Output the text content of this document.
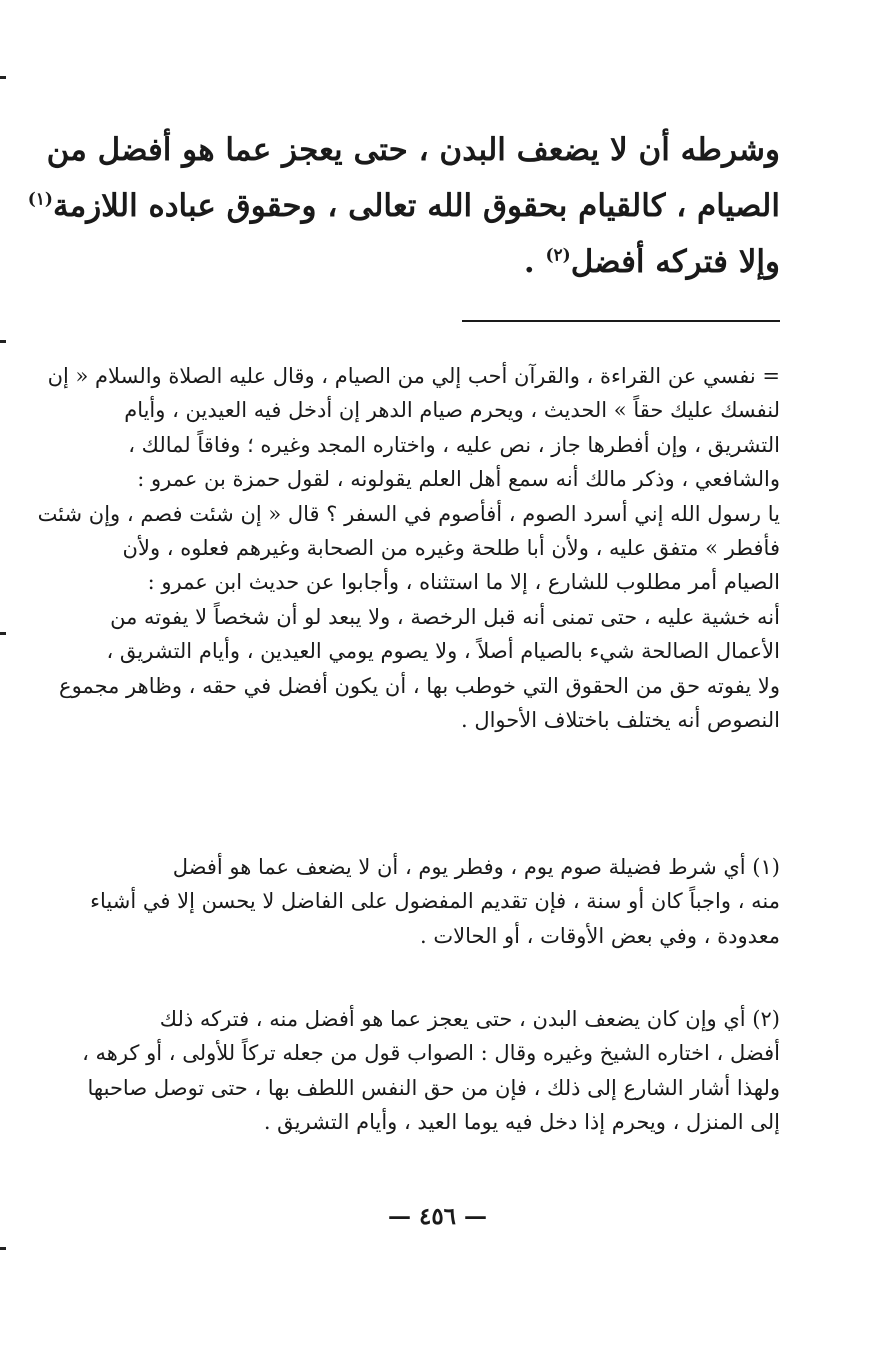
وشرطه أن لا يضعف البدن ، حتى يعجز عما هو أفضل من
الصيام ، كالقيام بحقوق الله تعالى ، وحقوق عباده اللازمة$^{(١)}$
وإلا فتركه أفضل$^{(٢)}$ .
= نفسي عن القراءة ، والقرآن أحب إلي من الصيام ، وقال عليه الصلاة والسلام « إن
لنفسك عليك حقاً » الحديث ، ويحرم صيام الدهر إن أدخل فيه العيدين ، وأيام
التشريق ، وإن أفطرها جاز ، نص عليه ، واختاره المجد وغيره ؛ وفاقاً لمالك ،
والشافعي ، وذكر مالك أنه سمع أهل العلم يقولونه ، لقول حمزة بن عمرو :
يا رسول الله إني أسرد الصوم ، أفأصوم في السفر ؟ قال « إن شئت فصم ، وإن شئت
فأفطر » متفق عليه ، ولأن أبا طلحة وغيره من الصحابة وغيرهم فعلوه ، ولأن
الصيام أمر مطلوب للشارع ، إلا ما استثناه ، وأجابوا عن حديث ابن عمرو :
أنه خشية عليه ، حتى تمنى أنه قبل الرخصة ، ولا يبعد لو أن شخصاً لا يفوته من
الأعمال الصالحة شيء بالصيام أصلاً ، ولا يصوم يومي العيدين ، وأيام التشريق ،
ولا يفوته حق من الحقوق التي خوطب بها ، أن يكون أفضل في حقه ، وظاهر مجموع
النصوص أنه يختلف باختلاف الأحوال .
(١) أي شرط فضيلة صوم يوم ، وفطر يوم ، أن لا يضعف عما هو أفضل
منه ، واجباً كان أو سنة ، فإن تقديم المفضول على الفاضل لا يحسن إلا في أشياء
معدودة ، وفي بعض الأوقات ، أو الحالات .
(٢) أي وإن كان يضعف البدن ، حتى يعجز عما هو أفضل منه ، فتركه ذلك
أفضل ، اختاره الشيخ وغيره وقال : الصواب قول من جعله تركاً للأولى ، أو كرهه ،
ولهذا أشار الشارع إلى ذلك ، فإن من حق النفس اللطف بها ، حتى توصل صاحبها
إلى المنزل ، ويحرم إذا دخل فيه يوما العيد ، وأيام التشريق .
— ٤٥٦ —
